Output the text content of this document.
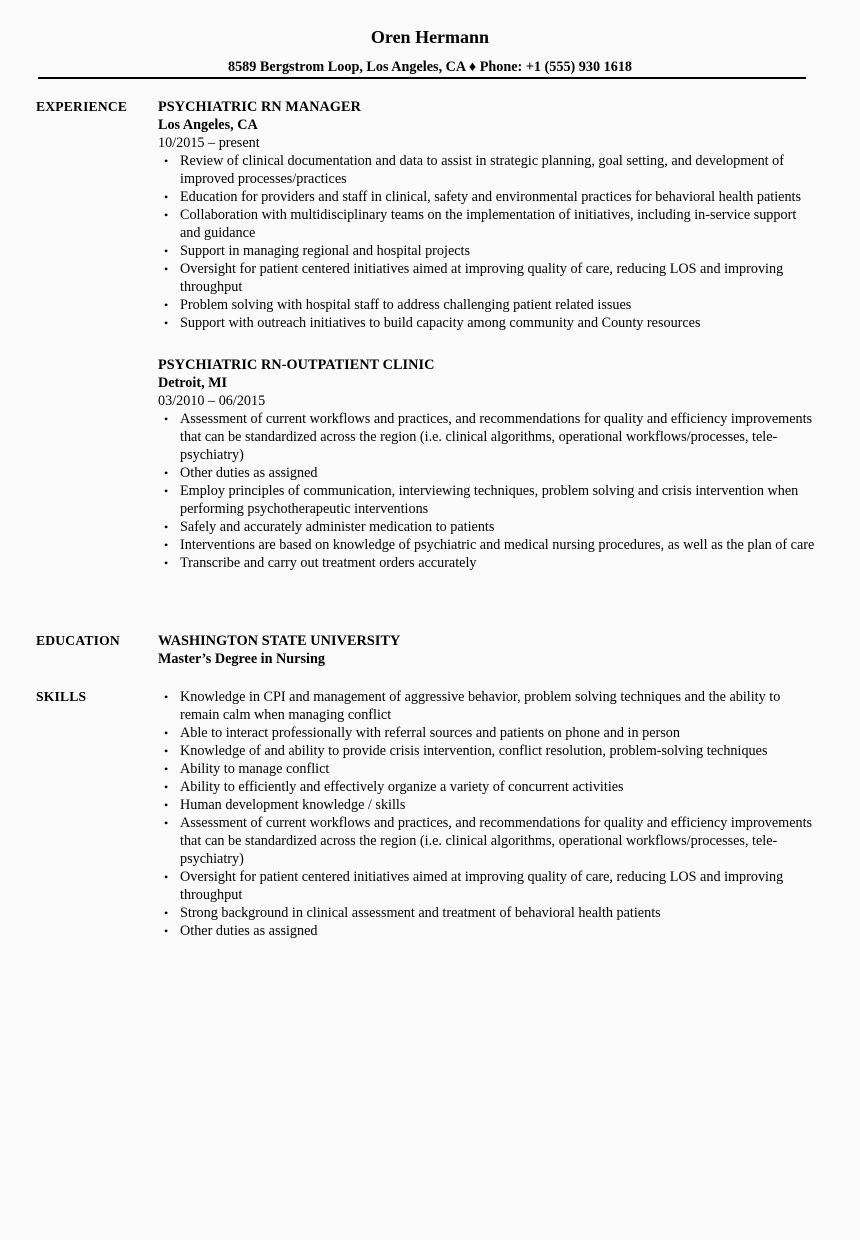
Oren Hermann
8589 Bergstrom Loop, Los Angeles, CA ♦ Phone: +1 (555) 930 1618
EXPERIENCE PSYCHIATRIC RN MANAGER
Los Angeles, CA
10/2015 – present
• Review of clinical documentation and data to assist in strategic planning, goal setting, and development of improved processes/practices
• Education for providers and staff in clinical, safety and environmental practices for behavioral health patients
• Collaboration with multidisciplinary teams on the implementation of initiatives, including in-service support and guidance
• Support in managing regional and hospital projects
• Oversight for patient centered initiatives aimed at improving quality of care, reducing LOS and improving throughput
• Problem solving with hospital staff to address challenging patient related issues
• Support with outreach initiatives to build capacity among community and County resources
PSYCHIATRIC RN-OUTPATIENT CLINIC
Detroit, MI
03/2010 – 06/2015
• Assessment of current workflows and practices, and recommendations for quality and efficiency improvements that can be standardized across the region (i.e. clinical algorithms, operational workflows/processes, tele-psychiatry)
• Other duties as assigned
• Employ principles of communication, interviewing techniques, problem solving and crisis intervention when performing psychotherapeutic interventions
• Safely and accurately administer medication to patients
• Interventions are based on knowledge of psychiatric and medical nursing procedures, as well as the plan of care
• Transcribe and carry out treatment orders accurately
EDUCATION	WASHINGTON STATE UNIVERSITY
Master’s Degree in Nursing
SKILLS	• Knowledge in CPI and management of aggressive behavior, problem solving techniques and the ability to remain calm when managing conflict
• Able to interact professionally with referral sources and patients on phone and in person
• Knowledge of and ability to provide crisis intervention, conflict resolution, problem-solving techniques
• Ability to manage conflict
• Ability to efficiently and effectively organize a variety of concurrent activities
• Human development knowledge / skills
• Assessment of current workflows and practices, and recommendations for quality and efficiency improvements that can be standardized across the region (i.e. clinical algorithms, operational workflows/processes, tele-psychiatry)
• Oversight for patient centered initiatives aimed at improving quality of care, reducing LOS and improving throughput
• Strong background in clinical assessment and treatment of behavioral health patients
• Other duties as assigned
